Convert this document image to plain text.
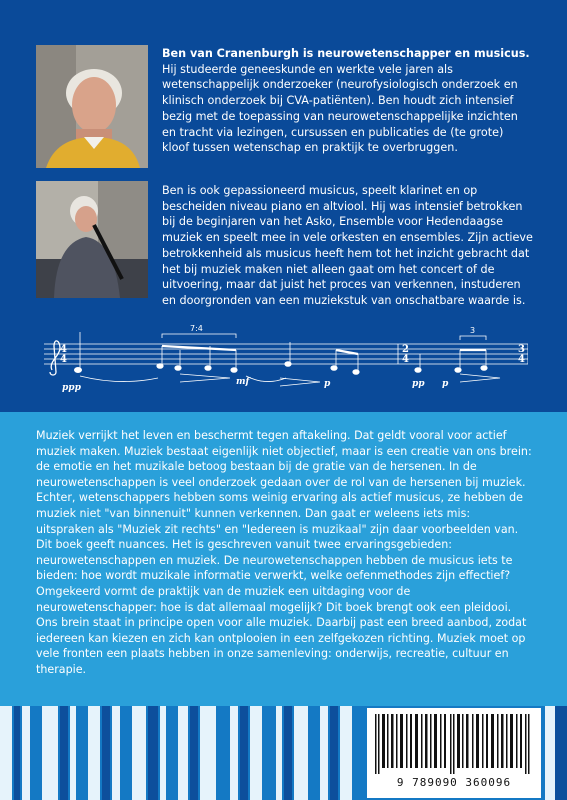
Ben van Cranenburgh is neurowetenschapper en musicus. Hij studeerde geneeskunde en werkte vele jaren als wetenschappelijk onderzoeker (neurofysiologisch onderzoek en klinisch onderzoek bij CVA-patiënten). Ben houdt zich intensief bezig met de toepassing van neurowetenschappelijke inzichten en tracht via lezingen, cursussen en publicaties de (te grote) kloof tussen wetenschap en praktijk te overbruggen.

Ben is ook gepassioneerd musicus, speelt klarinet en op bescheiden niveau piano en altviool. Hij was intensief betrokken bij de beginjaren van het Asko, Ensemble voor Hedendaagse muziek en speelt mee in vele orkesten en ensembles. Zijn actieve betrokkenheid als musicus heeft hem tot het inzicht gebracht dat het bij muziek maken niet alleen gaat om het concert of de uitvoering, maar dat juist het proces van verkennen, instuderen en doorgronden van een muziekstuk van onschatbare waarde is.

4
4
2
4
3
4
7:4	3
ppp
mf	p	pp p

Muziek verrijkt het leven en beschermt tegen aftakeling. Dat geldt vooral voor actief muziek maken. Muziek bestaat eigenlijk niet objectief, maar is een creatie van ons brein: de emotie en het muzikale betoog bestaan bij de gratie van de hersenen. In de neurowetenschappen is veel onderzoek gedaan over de rol van de hersenen bij muziek. Echter, wetenschappers hebben soms weinig ervaring als actief musicus, ze hebben de muziek niet "van binnenuit" kunnen verkennen. Dan gaat er weleens iets mis: uitspraken als "Muziek zit rechts" en "Iedereen is muzikaal" zijn daar voorbeelden van. Dit boek geeft nuances. Het is geschreven vanuit twee ervaringsgebieden: neurowetenschappen en muziek. De neurowetenschappen hebben de musicus iets te bieden: hoe wordt muzikale informatie verwerkt, welke oefenmethodes zijn effectief? Omgekeerd vormt de praktijk van de muziek een uitdaging voor de neurowetenschapper: hoe is dat allemaal mogelijk? Dit boek brengt ook een pleidooi. Ons brein staat in principe open voor alle muziek. Daarbij past een breed aanbod, zodat iedereen kan kiezen en zich kan ontplooien in een zelfgekozen richting. Muziek moet op vele fronten een plaats hebben in onze samenleving: onderwijs, recreatie, cultuur en therapie.

9 789090 360096
